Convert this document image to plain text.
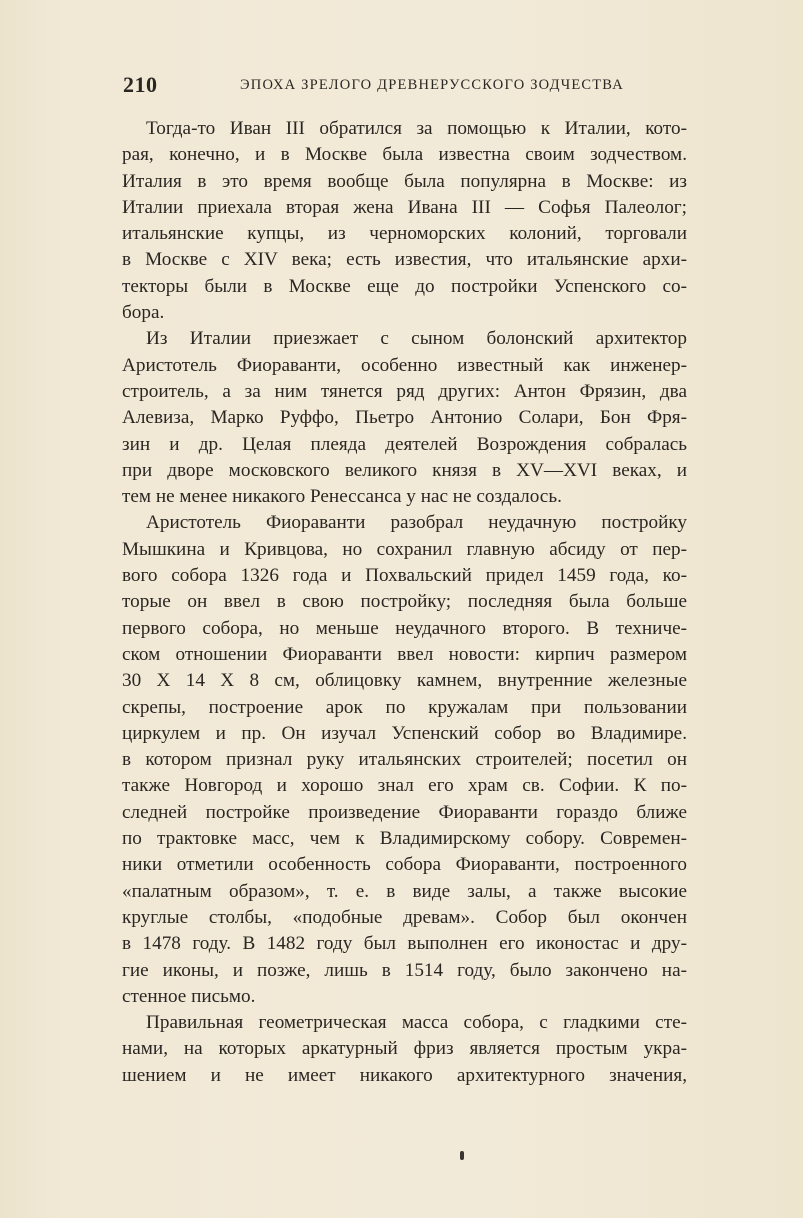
210	ЭПОХА ЗРЕЛОГО ДРЕВНЕРУССКОГО ЗОДЧЕСТВА
Тогда-то Иван III обратился за помощью к Италии, кото-
рая, конечно, и в Москве была известна своим зодчеством.
Италия в это время вообще была популярна в Москве: из
Италии приехала вторая жена Ивана III — Софья Палеолог;
итальянские купцы, из черноморских колоний, торговали
в Москве с XIV века; есть известия, что итальянские архи-
текторы были в Москве еще до постройки Успенского со-
бора.
Из Италии приезжает с сыном болонский архитектор
Аристотель Фиораванти, особенно известный как инженер-
строитель, а за ним тянется ряд других: Антон Фрязин, два
Алевиза, Марко Руффо, Пьетро Антонио Солари, Бон Фря-
зин и др. Целая плеяда деятелей Возрождения собралась
при дворе московского великого князя в XV—XVI веках, и
тем не менее никакого Ренессанса у нас не создалось.
Аристотель Фиораванти разобрал неудачную постройку
Мышкина и Кривцова, но сохранил главную абсиду от пер-
вого собора 1326 года и Похвальский придел 1459 года, ко-
торые он ввел в свою постройку; последняя была больше
первого собора, но меньше неудачного второго. В техниче-
ском отношении Фиораванти ввел новости: кирпич размером
30 X 14 X 8 см, облицовку камнем, внутренние железные
скрепы, построение арок по кружалам при пользовании
циркулем и пр. Он изучал Успенский собор во Владимире.
в котором признал руку итальянских строителей; посетил он
также Новгород и хорошо знал его храм св. Софии. К по-
следней постройке произведение Фиораванти гораздо ближе
по трактовке масс, чем к Владимирскому собору. Современ-
ники отметили особенность собора Фиораванти, построенного
«палатным образом», т. е. в виде залы, а также высокие
круглые столбы, «подобные древам». Собор был окончен
в 1478 году. В 1482 году был выполнен его иконостас и дру-
гие иконы, и позже, лишь в 1514 году, было закончено на-
стенное письмо.
Правильная геометрическая масса собора, с гладкими сте-
нами, на которых аркатурный фриз является простым укра-
шением и не имеет никакого архитектурного значения,
